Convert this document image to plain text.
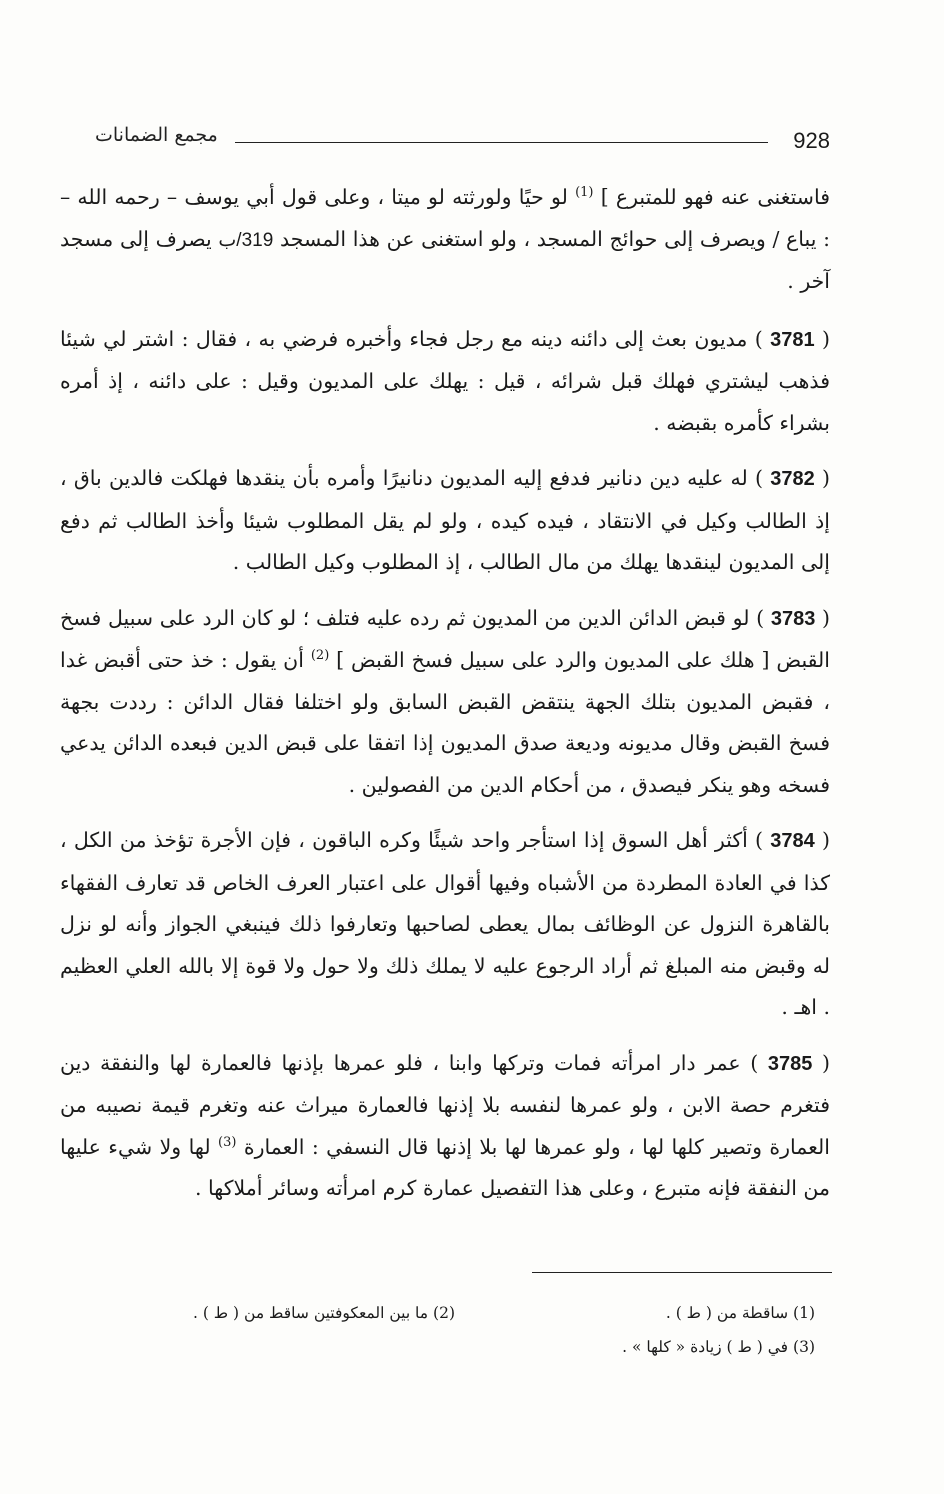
928
مجمع الضمانات

فاستغنى عنه فهو للمتبرع ] $^{(1)}$ لو حيًا ولورثته لو ميتا ، وعلى قول أبي يوسف – رحمه الله – : يباع / ويصرف إلى حوائج المسجد ، ولو استغنى عن هذا المسجد 319/ب يصرف إلى مسجد آخر .

( 3781 ) مديون بعث إلى دائنه دينه مع رجل فجاء وأخبره فرضي به ، فقال : اشتر لي شيئا فذهب ليشتري فهلك قبل شرائه ، قيل : يهلك على المديون وقيل : على دائنه ، إذ أمره بشراء كأمره بقبضه .

( 3782 ) له عليه دين دنانير فدفع إليه المديون دنانيرًا وأمره بأن ينقدها فهلكت فالدين باق ، إذ الطالب وكيل في الانتقاد ، فيده كيده ، ولو لم يقل المطلوب شيئا وأخذ الطالب ثم دفع إلى المديون لينقدها يهلك من مال الطالب ، إذ المطلوب وكيل الطالب .

( 3783 ) لو قبض الدائن الدين من المديون ثم رده عليه فتلف ؛ لو كان الرد على سبيل فسخ القبض [ هلك على المديون والرد على سبيل فسخ القبض ] $^{(2)}$ أن يقول : خذ حتى أقبض غدا ، فقبض المديون بتلك الجهة ينتقض القبض السابق ولو اختلفا فقال الدائن : رددت بجهة فسخ القبض وقال مديونه وديعة صدق المديون إذا اتفقا على قبض الدين فبعده الدائن يدعي فسخه وهو ينكر فيصدق ، من أحكام الدين من الفصولين .

( 3784 ) أكثر أهل السوق إذا استأجر واحد شيئًا وكره الباقون ، فإن الأجرة تؤخذ من الكل ، كذا في العادة المطردة من الأشباه وفيها أقوال على اعتبار العرف الخاص قد تعارف الفقهاء بالقاهرة النزول عن الوظائف بمال يعطى لصاحبها وتعارفوا ذلك فينبغي الجواز وأنه لو نزل له وقبض منه المبلغ ثم أراد الرجوع عليه لا يملك ذلك ولا حول ولا قوة إلا بالله العلي العظيم . اهـ .

( 3785 ) عمر دار امرأته فمات وتركها وابنا ، فلو عمرها بإذنها فالعمارة لها والنفقة دين فتغرم حصة الابن ، ولو عمرها لنفسه بلا إذنها فالعمارة ميراث عنه وتغرم قيمة نصيبه من العمارة وتصير كلها لها ، ولو عمرها لها بلا إذنها قال النسفي : العمارة $^{(3)}$ لها ولا شيء عليها من النفقة فإنه متبرع ، وعلى هذا التفصيل عمارة كرم امرأته وسائر أملاكها .

(1) ساقطة من ( ط ) .
(2) ما بين المعكوفتين ساقط من ( ط ) .
(3) في ( ط ) زيادة « كلها » .
